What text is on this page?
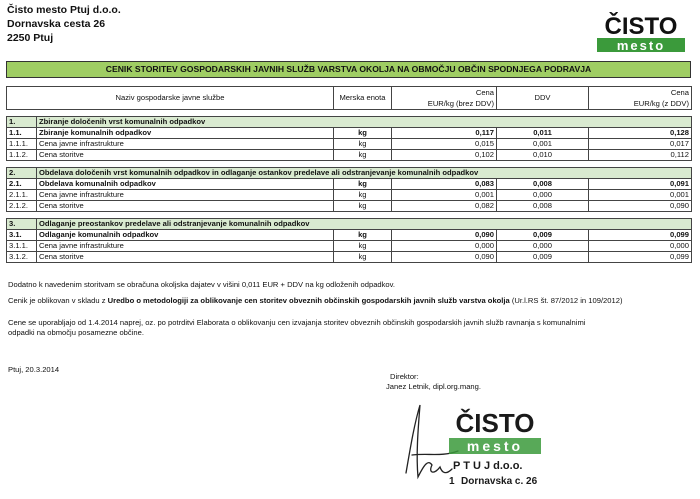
Čisto mesto Ptuj d.o.o.
Dornavska cesta 26
2250 Ptuj	ČISTO
mesto
CENIK STORITEV GOSPODARSKIH JAVNIH SLUŽB VARSTVA OKOLJA NA OBMOČJU OBČIN SPODNJEGA PODRAVJA
Naziv gospodarske javne službe		Merska enota	Cena	DDV	Cena
			EUR/kg (brez DDV)		EUR/kg (z DDV)

1.	Zbiranje določenih vrst komunalnih odpadkov				
1.1.	Zbiranje komunalnih odpadkov	kg	0,117	0,011	0,128
1.1.1.	Cena javne infrastrukture	kg	0,015	0,001	0,017
1.1.2.	Cena storitve	kg	0,102	0,010	0,112

2.	Obdelava določenih vrst komunalnih odpadkov in odlaganje ostankov predelave ali odstranjevanje komunalnih odpadkov				
2.1.	Obdelava komunalnih odpadkov	kg	0,083	0,008	0,091
2.1.1.	Cena javne infrastrukture	kg	0,001	0,000	0,001
2.1.2.	Cena storitve	kg	0,082	0,008	0,090

3.	Odlaganje preostankov predelave ali odstranjevanje komunalnih odpadkov				
3.1.	Odlaganje komunalnih odpadkov	kg	0,090	0,009	0,099
3.1.1.	Cena javne infrastrukture	kg	0,000	0,000	0,000
3.1.2.	Cena storitve	kg	0,090	0,009	0,099
Dodatno k navedenim storitvam se obračuna okoljska dajatev v višini 0,011 EUR + DDV na kg odloženih odpadkov.
Cenik je oblikovan v skladu z Uredbo o metodologiji za oblikovanje cen storitev obveznih občinskih gospodarskih javnih služb varstva okolja (Ur.l.RS št. 87/2012 in 109/2012)
Cene se uporabljajo od 1.4.2014 naprej, oz. po potrditvi Elaborata o oblikovanju cen izvajanja storitev obveznih občinskih gospodarskih javnih služb ravnanja s komunalnimi
odpadki na območju posamezne občine.
Ptuj, 20.3.2014
Direktor:
Janez Letnik, dipl.org.mang.
ČISTO
mesto
P T U J d.o.o.
1 Dornavska c. 26
